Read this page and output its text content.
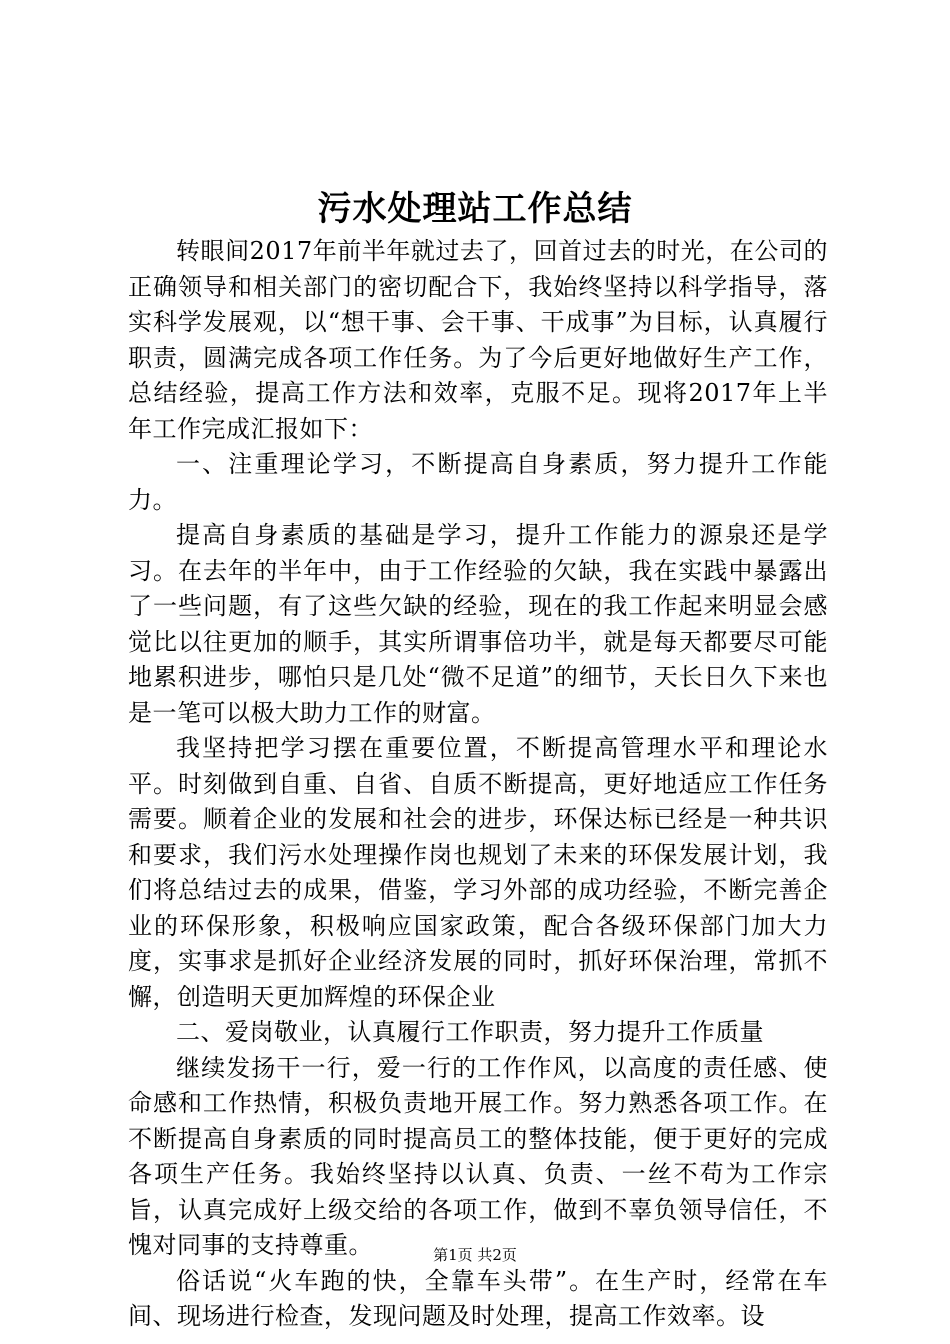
污水处理站工作总结

转眼间2017年前半年就过去了，回首过去的时光，在公司的正确领导和相关部门的密切配合下，我始终坚持以科学指导，落实科学发展观，以“想干事、会干事、干成事”为目标，认真履行职责，圆满完成各项工作任务。为了今后更好地做好生产工作，总结经验，提高工作方法和效率，克服不足。现将2017年上半年工作完成汇报如下：

一、注重理论学习，不断提高自身素质，努力提升工作能力。

提高自身素质的基础是学习，提升工作能力的源泉还是学习。在去年的半年中，由于工作经验的欠缺，我在实践中暴露出了一些问题，有了这些欠缺的经验，现在的我工作起来明显会感觉比以往更加的顺手，其实所谓事倍功半，就是每天都要尽可能地累积进步，哪怕只是几处“微不足道”的细节，天长日久下来也是一笔可以极大助力工作的财富。

我坚持把学习摆在重要位置，不断提高管理水平和理论水平。时刻做到自重、自省、自质不断提高，更好地适应工作任务需要。顺着企业的发展和社会的进步，环保达标已经是一种共识和要求，我们污水处理操作岗也规划了未来的环保发展计划，我们将总结过去的成果，借鉴，学习外部的成功经验，不断完善企业的环保形象，积极响应国家政策，配合各级环保部门加大力度，实事求是抓好企业经济发展的同时，抓好环保治理，常抓不懈，创造明天更加辉煌的环保企业

二、爱岗敬业，认真履行工作职责，努力提升工作质量

继续发扬干一行，爱一行的工作作风，以高度的责任感、使命感和工作热情，积极负责地开展工作。努力熟悉各项工作。在不断提高自身素质的同时提高员工的整体技能，便于更好的完成各项生产任务。我始终坚持以认真、负责、一丝不苟为工作宗旨，认真完成好上级交给的各项工作，做到不辜负领导信任，不愧对同事的支持尊重。

俗话说“火车跑的快，全靠车头带”。在生产时，经常在车间、现场进行检查，发现问题及时处理，提高工作效率。设

第1页 共2页
